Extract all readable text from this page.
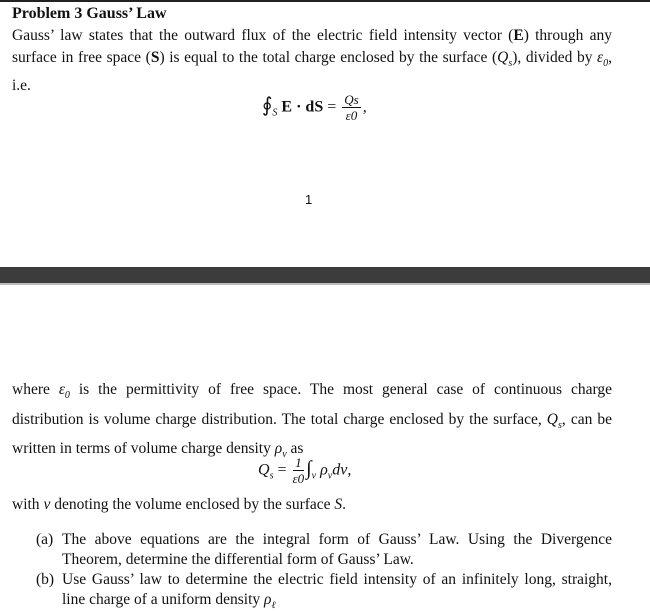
Problem 3 Gauss’ Law
Gauss’ law states that the outward flux of the electric field intensity vector (E) through any surface in free space (S) is equal to the total charge enclosed by the surface $(Q_s)$, divided by $\varepsilon_0$, i.e.
$∮_S$ E · dS = $\frac{Qs}{\varepsilon 0}$ ,
1
where $\varepsilon_0$ is the permittivity of free space. The most general case of continuous charge distribution is volume charge distribution. The total charge enclosed by the surface, $Q_s$, can be written in terms of volume charge density $\rho_v$ as
$Q_s = \frac{1}{\varepsilon 0} \int_v$ $\rho_vdv$,
with v denoting the volume enclosed by the surface S.
(a) The above equations are the integral form of Gauss’ Law. Using the Divergence Theorem, determine the differential form of Gauss’ Law.
(b) Use Gauss’ law to determine the electric field intensity of an infinitely long, straight, line charge of a uniform density $\rho_\ell$
